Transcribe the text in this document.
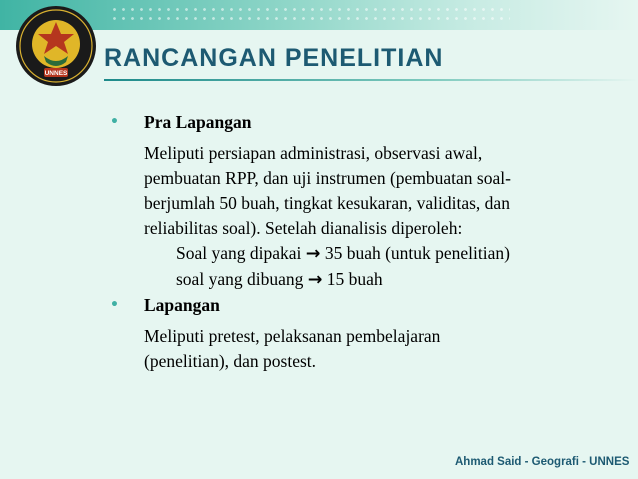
UNNES
RANCANGAN PENELITIAN
• Pra Lapangan

Meliputi persiapan administrasi, observasi awal,

pembuatan RPP, dan uji instrumen (pembuatan soal-

berjumlah 50 buah, tingkat kesukaran, validitas, dan

reliabilitas soal). Setelah dianalisis diperoleh:

Soal yang dipakai → 35 buah (untuk penelitian)
soal yang dibuang → 15 buah
• Lapangan

Meliputi pretest, pelaksanan pembelajaran

(penelitian), dan postest.

Ahmad Said - Geografi - UNNES
